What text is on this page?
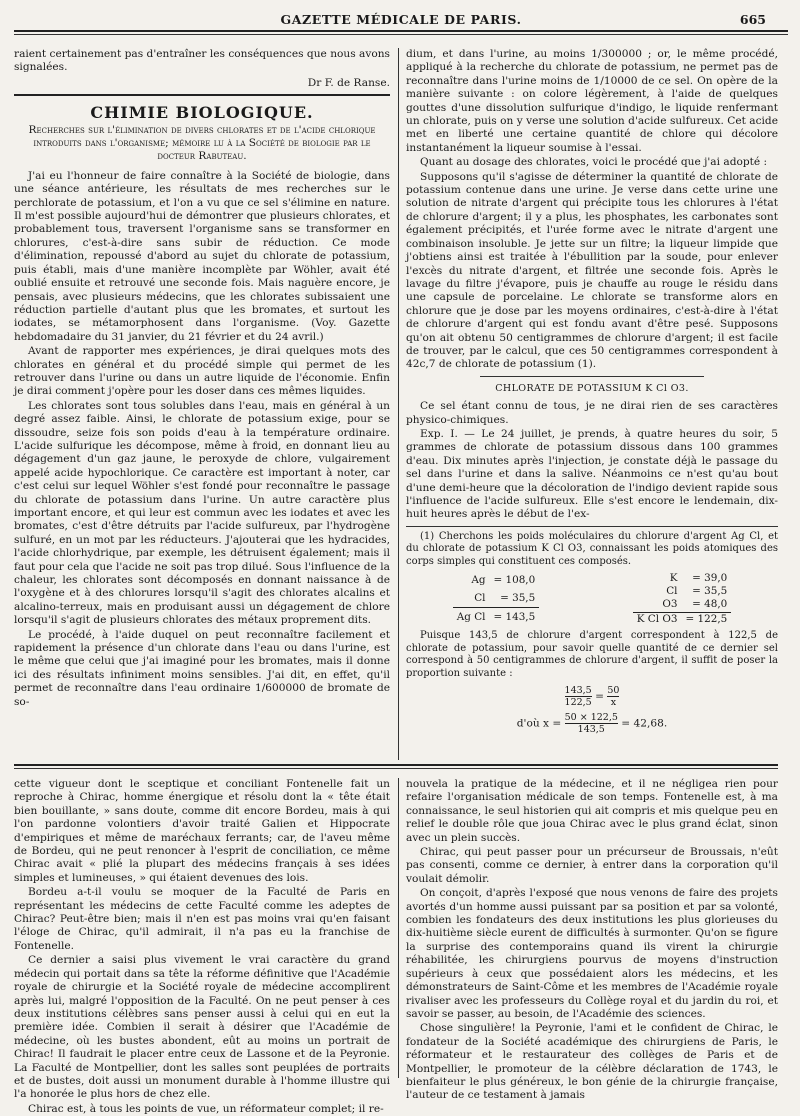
GAZETTE MÉDICALE DE PARIS.	665

raient certainement pas d'entraîner les conséquences que nous avons signalées.

Dr F. de Ranse.
CHIMIE BIOLOGIQUE.
Recherches sur l'élimination de divers chlorates et de l'acide chlorique introduits dans l'organisme; mémoire lu à la Société de biologie par le docteur Rabuteau.

J'ai eu l'honneur de faire connaître à la Société de biologie, dans une séance antérieure, les résultats de mes recherches sur le perchlorate de potassium, et l'on a vu que ce sel s'élimine en nature. Il m'est possible aujourd'hui de démontrer que plusieurs chlorates, et probablement tous, traversent l'organisme sans se transformer en chlorures, c'est-à-dire sans subir de réduction. Ce mode d'élimination, repoussé d'abord au sujet du chlorate de potassium, puis établi, mais d'une manière incomplète par Wöhler, avait été oublié ensuite et retrouvé une seconde fois. Mais naguère encore, je pensais, avec plusieurs médecins, que les chlorates subissaient une réduction partielle d'autant plus que les bromates, et surtout les iodates, se métamorphosent dans l'organisme. (Voy. Gazette hebdomadaire du 31 janvier, du 21 février et du 24 avril.)

Avant de rapporter mes expériences, je dirai quelques mots des chlorates en général et du procédé simple qui permet de les retrouver dans l'urine ou dans un autre liquide de l'économie. Enfin je dirai comment j'opère pour les doser dans ces mêmes liquides.

Les chlorates sont tous solubles dans l'eau, mais en général à un degré assez faible. Ainsi, le chlorate de potassium exige, pour se dissoudre, seize fois son poids d'eau à la température ordinaire. L'acide sulfurique les décompose, même à froid, en donnant lieu au dégagement d'un gaz jaune, le peroxyde de chlore, vulgairement appelé acide hypochlorique. Ce caractère est important à noter, car c'est celui sur lequel Wöhler s'est fondé pour reconnaître le passage du chlorate de potassium dans l'urine. Un autre caractère plus important encore, et qui leur est commun avec les iodates et avec les bromates, c'est d'être détruits par l'acide sulfureux, par l'hydrogène sulfuré, en un mot par les réducteurs. J'ajouterai que les hydracides, l'acide chlorhydrique, par exemple, les détruisent également; mais il faut pour cela que l'acide ne soit pas trop dilué. Sous l'influence de la chaleur, les chlorates sont décomposés en donnant naissance à de l'oxygène et à des chlorures lorsqu'il s'agit des chlorates alcalins et alcalino-terreux, mais en produisant aussi un dégagement de chlore lorsqu'il s'agit de plusieurs chlorates des métaux proprement dits.

Le procédé, à l'aide duquel on peut reconnaître facilement et rapidement la présence d'un chlorate dans l'eau ou dans l'urine, est le même que celui que j'ai imaginé pour les bromates, mais il donne ici des résultats infiniment moins sensibles. J'ai dit, en effet, qu'il permet de reconnaître dans l'eau ordinaire 1/600000 de bromate de so-

dium, et dans l'urine, au moins 1/300000 ; or, le même procédé, appliqué à la recherche du chlorate de potassium, ne permet pas de reconnaître dans l'urine moins de 1/10000 de ce sel. On opère de la manière suivante : on colore légèrement, à l'aide de quelques gouttes d'une dissolution sulfurique d'indigo, le liquide renfermant un chlorate, puis on y verse une solution d'acide sulfureux. Cet acide met en liberté une certaine quantité de chlore qui décolore instantanément la liqueur soumise à l'essai.

Quant au dosage des chlorates, voici le procédé que j'ai adopté :

Supposons qu'il s'agisse de déterminer la quantité de chlorate de potassium contenue dans une urine. Je verse dans cette urine une solution de nitrate d'argent qui précipite tous les chlorures à l'état de chlorure d'argent; il y a plus, les phosphates, les carbonates sont également précipités, et l'urée forme avec le nitrate d'argent une combinaison insoluble. Je jette sur un filtre; la liqueur limpide que j'obtiens ainsi est traitée à l'ébullition par la soude, pour enlever l'excès du nitrate d'argent, et filtrée une seconde fois. Après le lavage du filtre j'évapore, puis je chauffe au rouge le résidu dans une capsule de porcelaine. Le chlorate se transforme alors en chlorure que je dose par les moyens ordinaires, c'est-à-dire à l'état de chlorure d'argent qui est fondu avant d'être pesé. Supposons qu'on ait obtenu 50 centigrammes de chlorure d'argent; il est facile de trouver, par le calcul, que ces 50 centigrammes correspondent à 42c,7 de chlorate de potassium (1).

CHLORATE DE POTASSIUM K Cl O3.

Ce sel étant connu de tous, je ne dirai rien de ses caractères physico-chimiques.

Exp. I. — Le 24 juillet, je prends, à quatre heures du soir, 5 grammes de chlorate de potassium dissous dans 100 grammes d'eau. Dix minutes après l'injection, je constate déjà le passage du sel dans l'urine et dans la salive. Néanmoins ce n'est qu'au bout d'une demi-heure que la décoloration de l'indigo devient rapide sous l'influence de l'acide sulfureux. Elle s'est encore le lendemain, dix-huit heures après le début de l'ex-

(1) Cherchons les poids moléculaires du chlorure d'argent Ag Cl, et du chlorate de potassium K Cl O3, connaissant les poids atomiques des corps simples qui constituent ces composés.

Ag	= 108,0
Cl	= 35,5
Ag Cl	= 143,5
K	= 39,0
Cl	= 35,5
O3	= 48,0
K Cl O3	= 122,5

Puisque 143,5 de chlorure d'argent correspondent à 122,5 de chlorate de potassium, pour savoir quelle quantité de ce dernier sel correspond à 50 centigrammes de chlorure d'argent, il suffit de poser la proportion suivante :

$\frac{143,5}{122,5} = \frac{50}{x}$
d'où $x = \frac{50 \times 122,5}{143,5} = 42,68$.

cette vigueur dont le sceptique et conciliant Fontenelle fait un reproche à Chirac, homme énergique et résolu dont la « tête était bien bouillante, » sans doute, comme dit encore Bordeu, mais à qui l'on pardonne volontiers d'avoir traité Galien et Hippocrate d'empiriques et même de maréchaux ferrants; car, de l'aveu même de Bordeu, qui ne peut renoncer à l'esprit de conciliation, ce même Chirac avait « plié la plupart des médecins français à ses idées simples et lumineuses, » qui étaient devenues des lois.

Bordeu a-t-il voulu se moquer de la Faculté de Paris en représentant les médecins de cette Faculté comme les adeptes de Chirac? Peut-être bien; mais il n'en est pas moins vrai qu'en faisant l'éloge de Chirac, qu'il admirait, il n'a pas eu la franchise de Fontenelle.

Ce dernier a saisi plus vivement le vrai caractère du grand médecin qui portait dans sa tête la réforme définitive que l'Académie royale de chirurgie et la Société royale de médecine accomplirent après lui, malgré l'opposition de la Faculté. On ne peut penser à ces deux institutions célèbres sans penser aussi à celui qui en eut la première idée. Combien il serait à désirer que l'Académie de médecine, où les bustes abondent, eût au moins un portrait de Chirac! Il faudrait le placer entre ceux de Lassone et de la Peyronie. La Faculté de Montpellier, dont les salles sont peuplées de portraits et de bustes, doit aussi un monument durable à l'homme illustre qui l'a honorée le plus hors de chez elle.

Chirac est, à tous les points de vue, un réformateur complet; il re-

nouvela la pratique de la médecine, et il ne négligea rien pour refaire l'organisation médicale de son temps. Fontenelle est, à ma connaissance, le seul historien qui ait compris et mis quelque peu en relief le double rôle que joua Chirac avec le plus grand éclat, sinon avec un plein succès.

Chirac, qui peut passer pour un précurseur de Broussais, n'eût pas consenti, comme ce dernier, à entrer dans la corporation qu'il voulait démolir.

On conçoit, d'après l'exposé que nous venons de faire des projets avortés d'un homme aussi puissant par sa position et par sa volonté, combien les fondateurs des deux institutions les plus glorieuses du dix-huitième siècle eurent de difficultés à surmonter. Qu'on se figure la surprise des contemporains quand ils virent la chirurgie réhabilitée, les chirurgiens pourvus de moyens d'instruction supérieurs à ceux que possédaient alors les médecins, et les démonstrateurs de Saint-Côme et les membres de l'Académie royale rivaliser avec les professeurs du Collège royal et du jardin du roi, et savoir se passer, au besoin, de l'Académie des sciences.

Chose singulière! la Peyronie, l'ami et le confident de Chirac, le fondateur de la Société académique des chirurgiens de Paris, le réformateur et le restaurateur des collèges de Paris et de Montpellier, le promoteur de la célèbre déclaration de 1743, le bienfaiteur le plus généreux, le bon génie de la chirurgie française, l'auteur de ce testament à jamais
